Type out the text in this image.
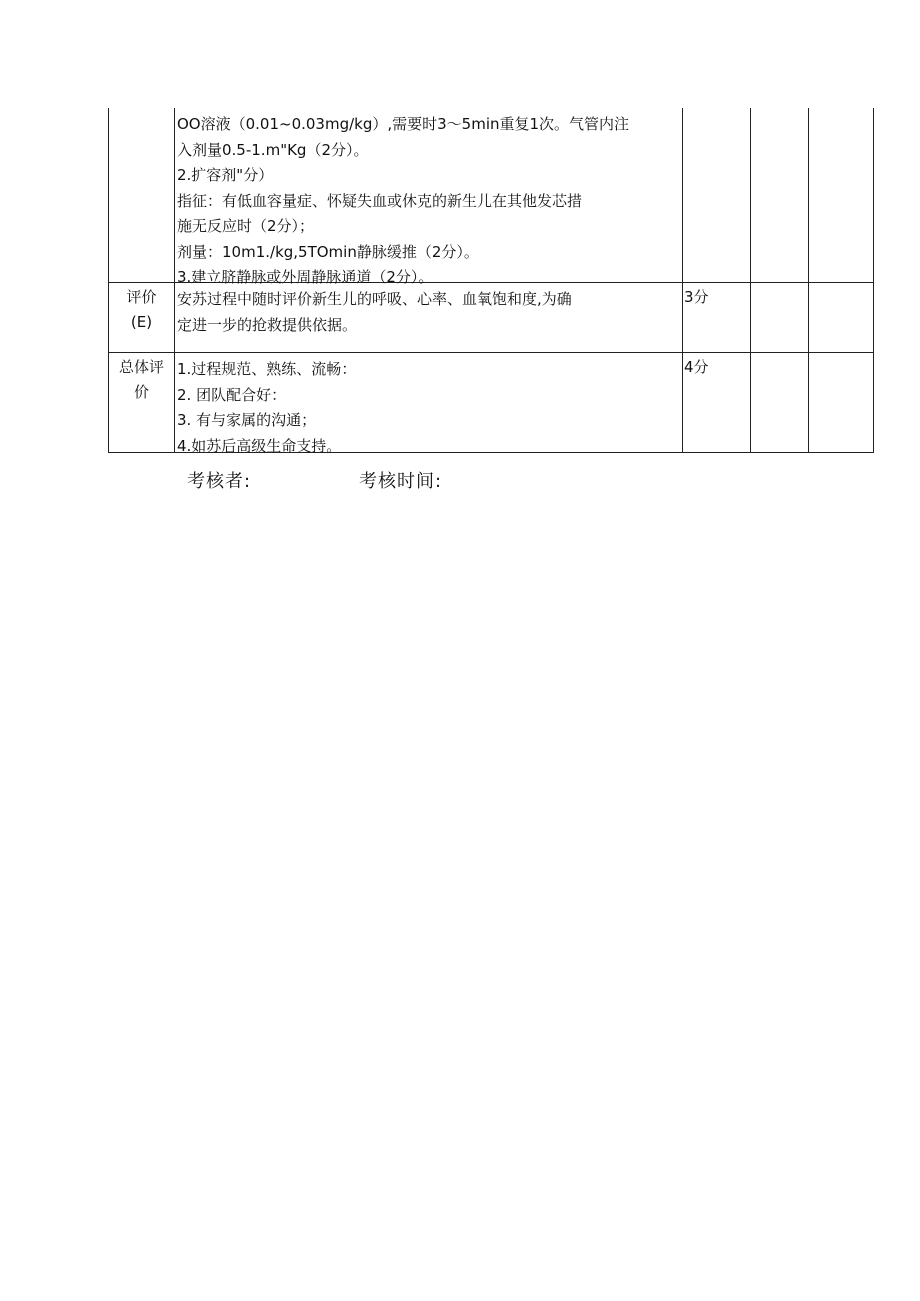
OO溶液（0.01~0.03mg/kg）,需要时3〜5min重复1次。气管内注
入剂量0.5-1.m"Kg（2分）。
2.扩容剂"分）
指征：有低血容量症、怀疑失血或休克的新生儿在其他发芯措
施无反应时（2分）；
剂量：10m1./kg,5TOmin静脉缓推（2分）。
3.建立脐静脉或外周静脉通道（2分）。
评价
(E)
安苏过程中随时评价新生儿的呼吸、心率、血氧饱和度,为确
定进一步的抢救提供依据。
3分
总体评
价
1.过程规范、熟练、流畅：
2. 团队配合好：
3. 有与家属的沟通；
4.如苏后高级生命支持。
4分
考核者:	考核时间:
